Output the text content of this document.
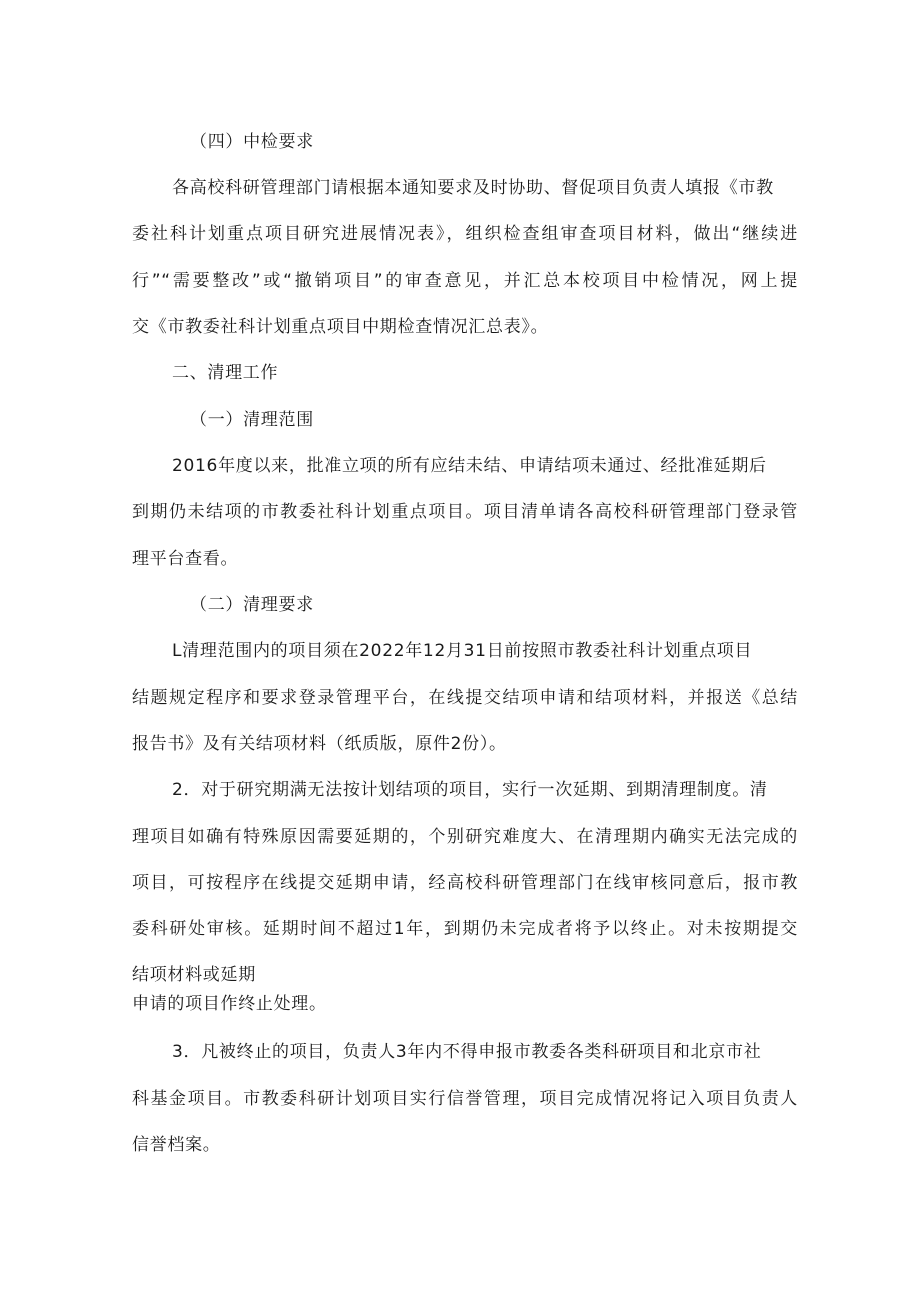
（四）中检要求
各高校科研管理部门请根据本通知要求及时协助、督促项目负责人填报《市教
委社科计划重点项目研究进展情况表》，组织检查组审查项目材料，做出“继续进
行”“需要整改”或“撤销项目”的审查意见，并汇总本校项目中检情况，网上提
交《市教委社科计划重点项目中期检查情况汇总表》。
二、清理工作
（一）清理范围
2016年度以来，批准立项的所有应结未结、申请结项未通过、经批准延期后
到期仍未结项的市教委社科计划重点项目。项目清单请各高校科研管理部门登录管
理平台查看。
（二）清理要求
L清理范围内的项目须在2022年12月31日前按照市教委社科计划重点项目
结题规定程序和要求登录管理平台，在线提交结项申请和结项材料，并报送《总结
报告书》及有关结项材料（纸质版，原件2份）。
2．对于研究期满无法按计划结项的项目，实行一次延期、到期清理制度。清
理项目如确有特殊原因需要延期的，个别研究难度大、在清理期内确实无法完成的
项目，可按程序在线提交延期申请，经高校科研管理部门在线审核同意后，报市教
委科研处审核。延期时间不超过1年，到期仍未完成者将予以终止。对未按期提交
结项材料或延期
申请的项目作终止处理。
3．凡被终止的项目，负责人3年内不得申报市教委各类科研项目和北京市社
科基金项目。市教委科研计划项目实行信誉管理，项目完成情况将记入项目负责人
信誉档案。
